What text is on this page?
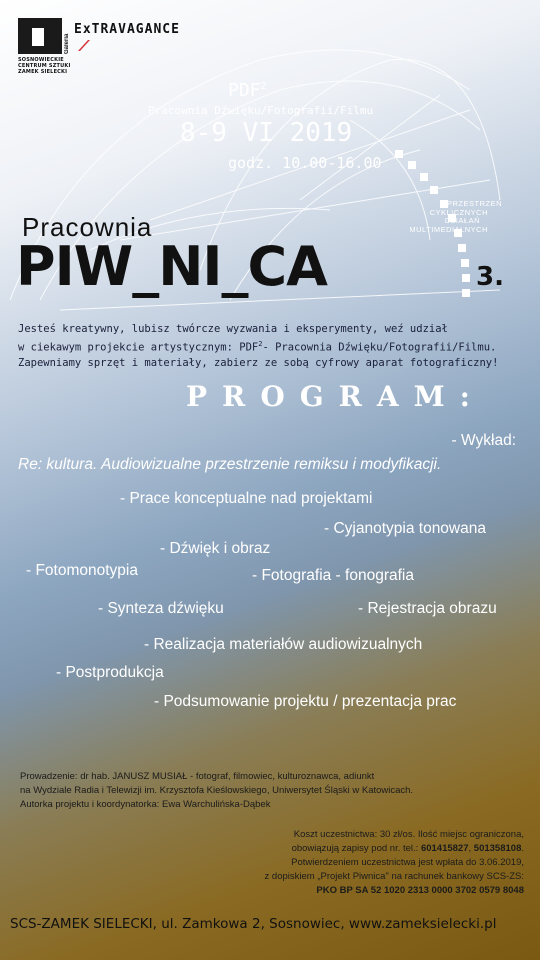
SOSNOWIECKIE
CENTRUM SZTUKI
ZAMEK SIELECKI
Galeria
ExTRAVAGANCE
PDF$^2$
Pracownia Dźwięku/Fotografii/Filmu
8-9 VI 2019
godz. 10.00-16.00
PRZESTRZEŃ
CYKLICZNYCH
DZIAŁAŃ
MULTIMEDIALNYCH
Pracownia
PIW_NI_CA	3.
Jesteś kreatywny, lubisz twórcze wyzwania i eksperymenty, weź udział
w ciekawym projekcie artystycznym: PDF$^2$- Pracownia Dźwięku/Fotografii/Filmu.
Zapewniamy sprzęt i materiały, zabierz ze sobą cyfrowy aparat fotograficzny!
PROGRAM:
- Wykład:
Re: kultura. Audiowizualne przestrzenie remiksu i modyfikacji.
- Prace konceptualne nad projektami
- Cyjanotypia tonowana
- Dźwięk i obraz
- Fotomonotypia	- Fotografia - fonografia
- Synteza dźwięku	- Rejestracja obrazu
- Realizacja materiałów audiowizualnych
- Postprodukcja
- Podsumowanie projektu / prezentacja prac
Prowadzenie: dr hab. JANUSZ MUSIAŁ - fotograf, filmowiec, kulturoznawca, adiunkt
na Wydziale Radia i Telewizji im. Krzysztofa Kieślowskiego, Uniwersytet Śląski w Katowicach.
Autorka projektu i koordynatorka: Ewa Warchulińska-Dąbek
Koszt uczestnictwa: 30 zł/os. Ilość miejsc ograniczona,
obowiązują zapisy pod nr. tel.: 601415827, 501358108.
Potwierdzeniem uczestnictwa jest wpłata do 3.06.2019,
z dopiskiem „Projekt Piwnica" na rachunek bankowy SCS-ZS:
PKO BP SA 52 1020 2313 0000 3702 0579 8048
SCS-ZAMEK SIELECKI, ul. Zamkowa 2, Sosnowiec, www.zameksielecki.pl
